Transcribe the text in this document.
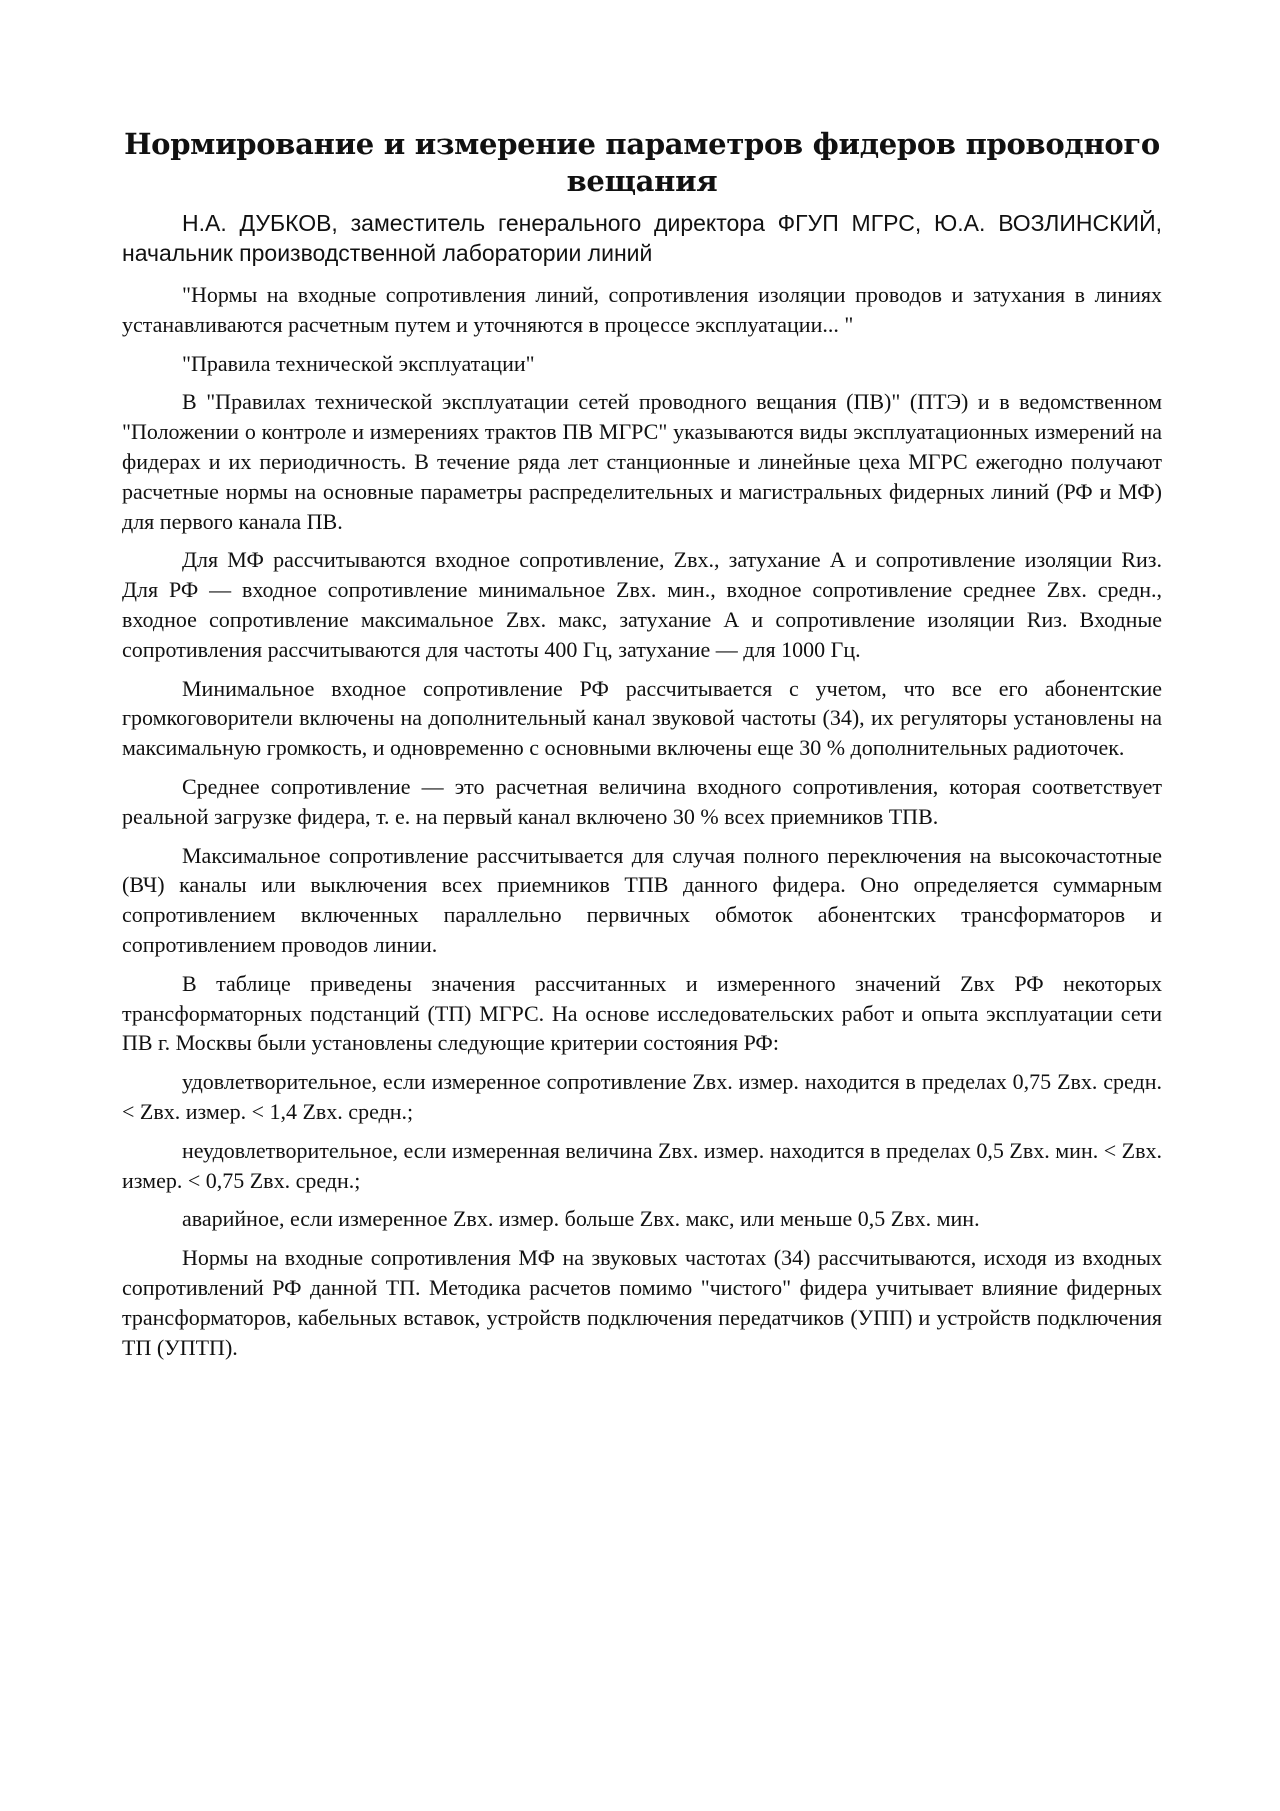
Нормирование и измерение параметров фидеров проводного вещания

Н.А. ДУБКОВ, заместитель генерального директора ФГУП МГРС, Ю.А. ВОЗЛИНСКИЙ, начальник производственной лаборатории линий

"Нормы на входные сопротивления линий, сопротивления изоляции проводов и затухания в линиях устанавливаются расчетным путем и уточняются в процессе эксплуатации... "

"Правила технической эксплуатации"

В "Правилах технической эксплуатации сетей проводного вещания (ПВ)" (ПТЭ) и в ведомственном "Положении о контроле и измерениях трактов ПВ МГРС" указываются виды эксплуатационных измерений на фидерах и их периодичность. В течение ряда лет станционные и линейные цеха МГРС ежегодно получают расчетные нормы на основные параметры распределительных и магистральных фидерных линий (РФ и МФ) для первого канала ПВ.

Для МФ рассчитываются входное сопротивление, Zвх., затухание А и сопротивление изоляции Rиз. Для РФ — входное сопротивление минимальное Zвх. мин., входное сопротивление среднее Zвх. средн., входное сопротивление максимальное Zвх. макс, затухание А и сопротивление изоляции Rиз. Входные сопротивления рассчитываются для частоты 400 Гц, затухание — для 1000 Гц.

Минимальное входное сопротивление РФ рассчитывается с учетом, что все его абонентские громкоговорители включены на дополнительный канал звуковой частоты (34), их регуляторы установлены на максимальную громкость, и одновременно с основными включены еще 30 % дополнительных радиоточек.

Среднее сопротивление — это расчетная величина входного сопротивления, которая соответствует реальной загрузке фидера, т. е. на первый канал включено 30 % всех приемников ТПВ.

Максимальное сопротивление рассчитывается для случая полного переключения на высокочастотные (ВЧ) каналы или выключения всех приемников ТПВ данного фидера. Оно определяется суммарным сопротивлением включенных параллельно первичных обмоток абонентских трансформаторов и сопротивлением проводов линии.

В таблице приведены значения рассчитанных и измеренного значений Zвх РФ некоторых трансформаторных подстанций (ТП) МГРС. На основе исследовательских работ и опыта эксплуатации сети ПВ г. Москвы были установлены следующие критерии состояния РФ:

удовлетворительное, если измеренное сопротивление Zвх. измер. находится в пределах 0,75 Zвх. средн. < Zвх. измер. < 1,4 Zвх. средн.;

неудовлетворительное, если измеренная величина Zвх. измер. находится в пределах 0,5 Zвх. мин. < Zвх. измер. < 0,75 Zвх. средн.;

аварийное, если измеренное Zвх. измер. больше Zвх. макс, или меньше 0,5 Zвх. мин.

Нормы на входные сопротивления МФ на звуковых частотах (34) рассчитываются, исходя из входных сопротивлений РФ данной ТП. Методика расчетов помимо "чистого" фидера учитывает влияние фидерных трансформаторов, кабельных вставок, устройств подключения передатчиков (УПП) и устройств подключения ТП (УПТП).
